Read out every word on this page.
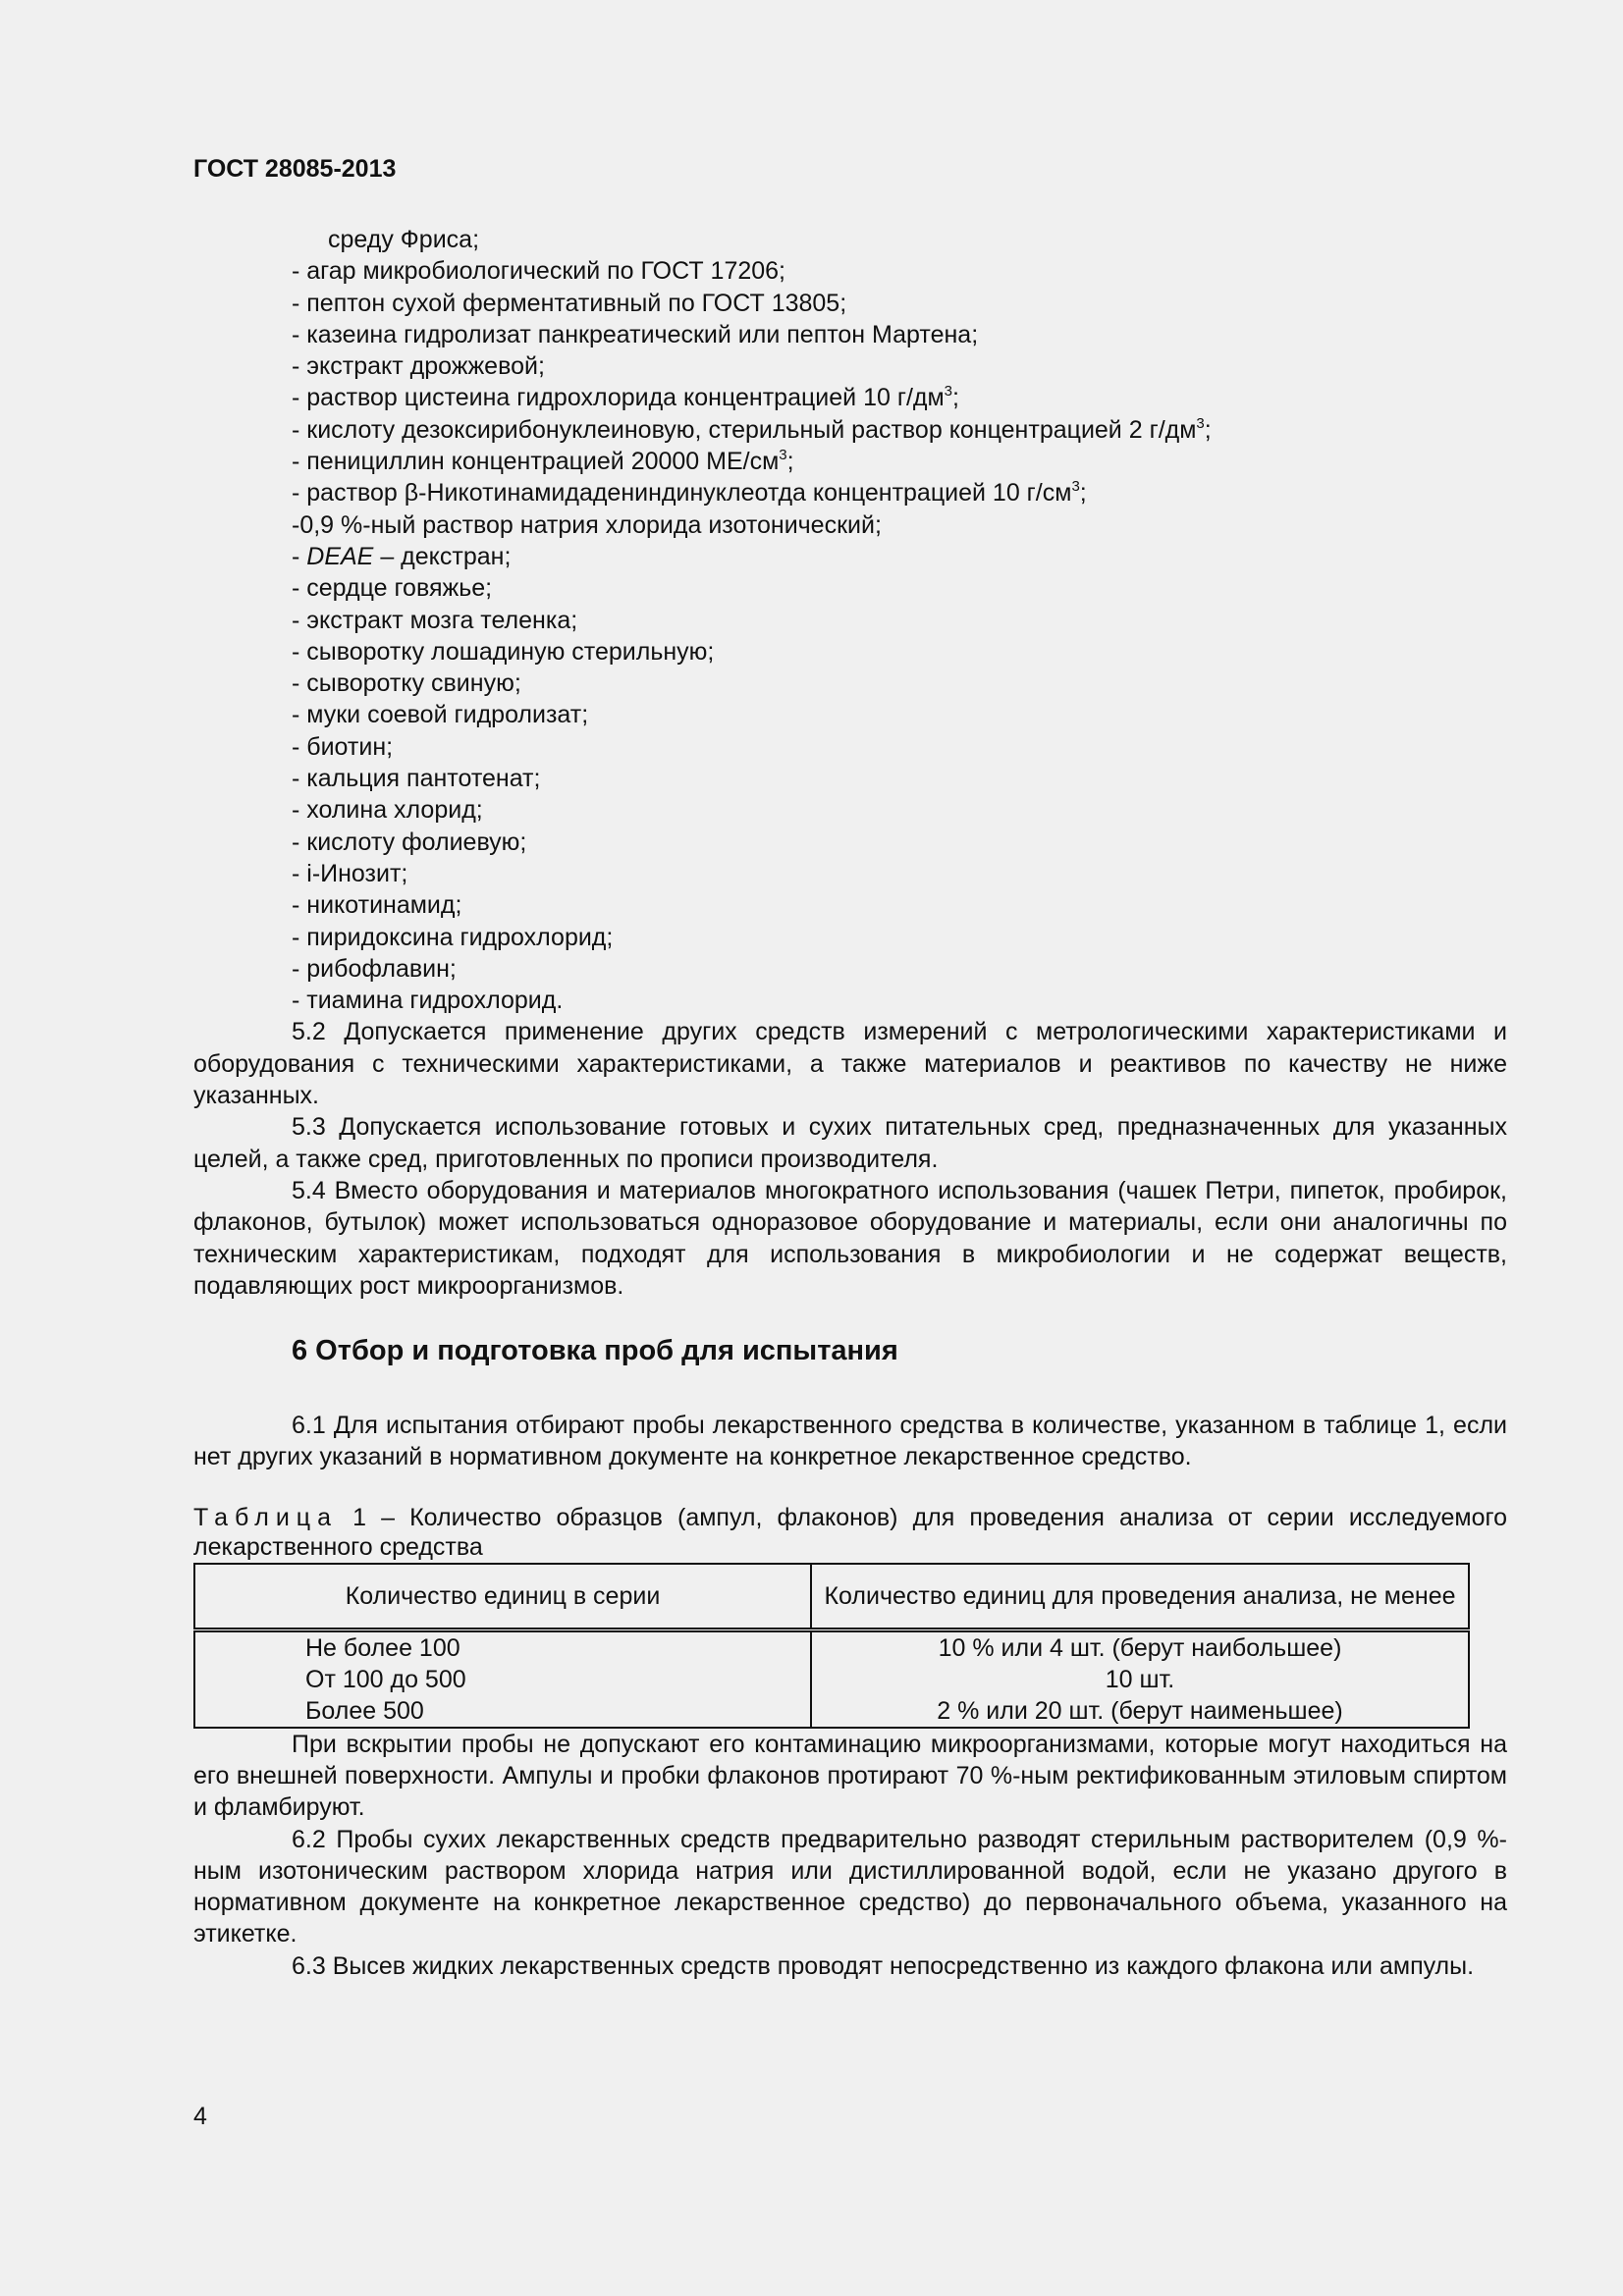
ГОСТ 28085-2013
среду Фриса;
- агар микробиологический по ГОСТ 17206;
- пептон сухой ферментативный по ГОСТ 13805;
- казеина гидролизат панкреатический или пептон Мартена;
- экстракт дрожжевой;
- раствор цистеина гидрохлорида концентрацией 10 $г/дм^3$;
- кислоту дезоксирибонуклеиновую, стерильный раствор концентрацией 2 $г/дм^3$;
- пенициллин концентрацией 20000 $МЕ/см^3$;
- раствор β-Никотинамидадениндинуклеотда концентрацией 10 $г/см^3$;
-0,9 %-ный раствор натрия хлорида изотонический;
- DEAE – декстран;
- сердце говяжье;
- экстракт мозга теленка;
- сыворотку лошадиную стерильную;
- сыворотку свиную;
- муки соевой гидролизат;
- биотин;
- кальция пантотенат;
- холина хлорид;
- кислоту фолиевую;
- i-Инозит;
- никотинамид;
- пиридоксина гидрохлорид;
- рибофлавин;
- тиамина гидрохлорид.

5.2 Допускается применение других средств измерений с метрологическими характеристиками и оборудования с техническими характеристиками, а также материалов и реактивов по качеству не ниже указанных.

5.3 Допускается использование готовых и сухих питательных сред, предназначенных для указанных целей, а также сред, приготовленных по прописи производителя.

5.4 Вместо оборудования и материалов многократного использования (чашек Петри, пипеток, пробирок, флаконов, бутылок) может использоваться одноразовое оборудование и материалы, если они аналогичны по техническим характеристикам, подходят для использования в микробиологии и не содержат веществ, подавляющих рост микроорганизмов.

6 Отбор и подготовка проб для испытания

6.1 Для испытания отбирают пробы лекарственного средства в количестве, указанном в таблице 1, если нет других указаний в нормативном документе на конкретное лекарственное средство.

Таблица 1 – Количество образцов (ампул, флаконов) для проведения анализа от серии исследуемого лекарственного средства

Количество единиц в серии	Количество единиц для проведения анализа, не менее
Не более 100	10 % или 4 шт. (берут наибольшее)
От 100 до 500	10 шт.
Более 500	2 % или 20 шт. (берут наименьшее)

При вскрытии пробы не допускают его контаминацию микроорганизмами, которые могут находиться на его внешней поверхности. Ампулы и пробки флаконов протирают 70 %-ным ректификованным этиловым спиртом и фламбируют.

6.2 Пробы сухих лекарственных средств предварительно разводят стерильным растворителем (0,9 %-ным изотоническим раствором хлорида натрия или дистиллированной водой, если не указано другого в нормативном документе на конкретное лекарственное средство) до первоначального объема, указанного на этикетке.

6.3 Высев жидких лекарственных средств проводят непосредственно из каждого флакона или ампулы.

4
